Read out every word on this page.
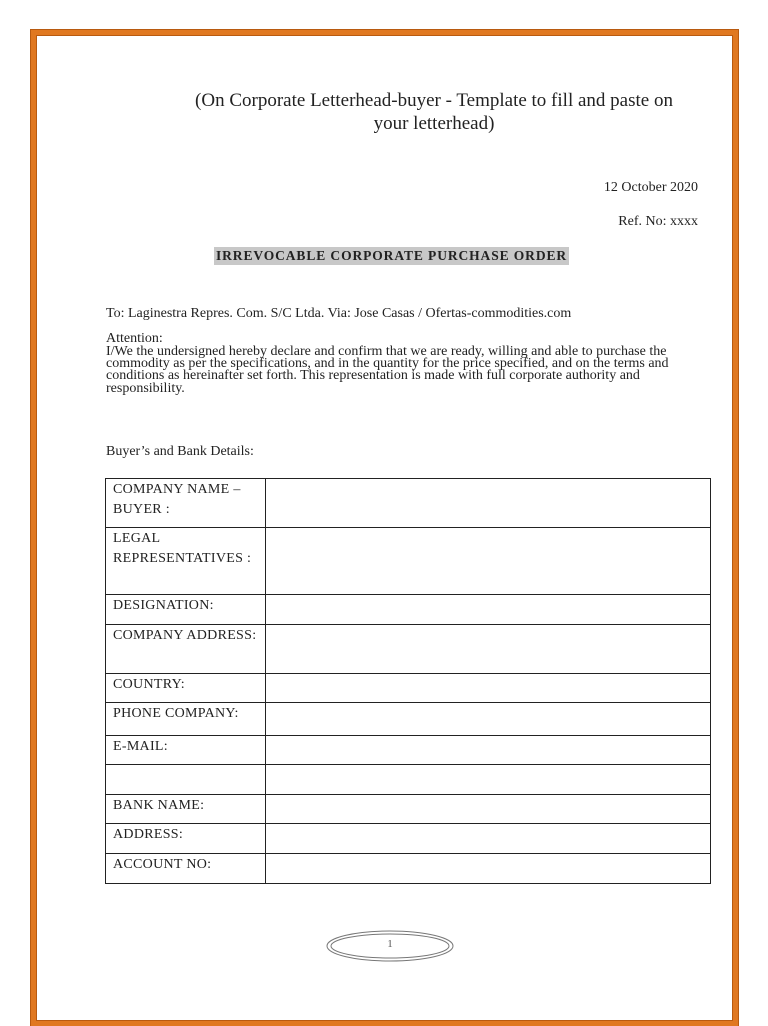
(On Corporate Letterhead-buyer - Template to fill and paste on
your letterhead)
12 October 2020
Ref. No: xxxx
IRREVOCABLE CORPORATE PURCHASE ORDER
To: Laginestra Repres. Com. S/C Ltda. Via: Jose Casas / Ofertas-commodities.com
Attention:
I/We the undersigned hereby declare and confirm that we are ready, willing and able to purchase the commodity as per the specifications, and in the quantity for the price specified, and on the terms and conditions as hereinafter set forth. This representation is made with full corporate authority and responsibility.
Buyer’s and Bank Details:
COMPANY NAME – BUYER :	
LEGAL REPRESENTATIVES :	
DESIGNATION:	
COMPANY ADDRESS:	
COUNTRY:	
PHONE COMPANY:	
E-MAIL:	

BANK NAME:	
ADDRESS:	
ACCOUNT NO:	
1
